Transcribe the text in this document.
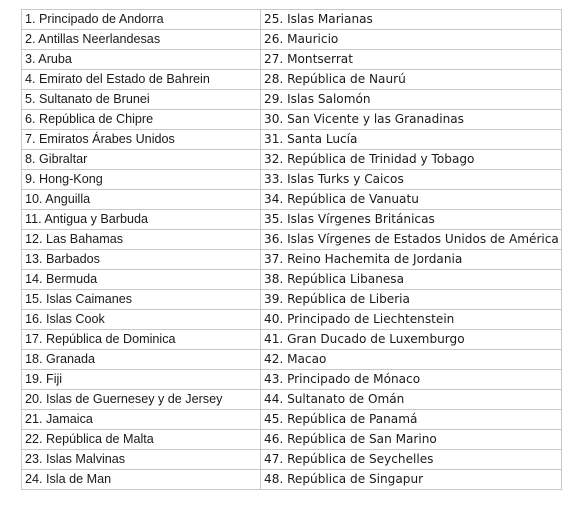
1. Principado de Andorra	25. Islas Marianas
2. Antillas Neerlandesas	26. Mauricio
3. Aruba	27. Montserrat
4. Emirato del Estado de Bahrein	28. República de Naurú
5. Sultanato de Brunei	29. Islas Salomón
6. República de Chipre	30. San Vicente y las Granadinas
7. Emiratos Árabes Unidos	31. Santa Lucía
8. Gibraltar	32. República de Trinidad y Tobago
9. Hong-Kong	33. Islas Turks y Caicos
10. Anguilla	34. República de Vanuatu
11. Antigua y Barbuda	35. Islas Vírgenes Británicas
12. Las Bahamas	36. Islas Vírgenes de Estados Unidos de América
13. Barbados	37. Reino Hachemita de Jordania
14. Bermuda	38. República Libanesa
15. Islas Caimanes	39. República de Liberia
16. Islas Cook	40. Principado de Liechtenstein
17. República de Dominica	41. Gran Ducado de Luxemburgo
18. Granada	42. Macao
19. Fiji	43. Principado de Mónaco
20. Islas de Guernesey y de Jersey	44. Sultanato de Omán
21. Jamaica	45. República de Panamá
22. República de Malta	46. República de San Marino
23. Islas Malvinas	47. República de Seychelles
24. Isla de Man	48. República de Singapur
